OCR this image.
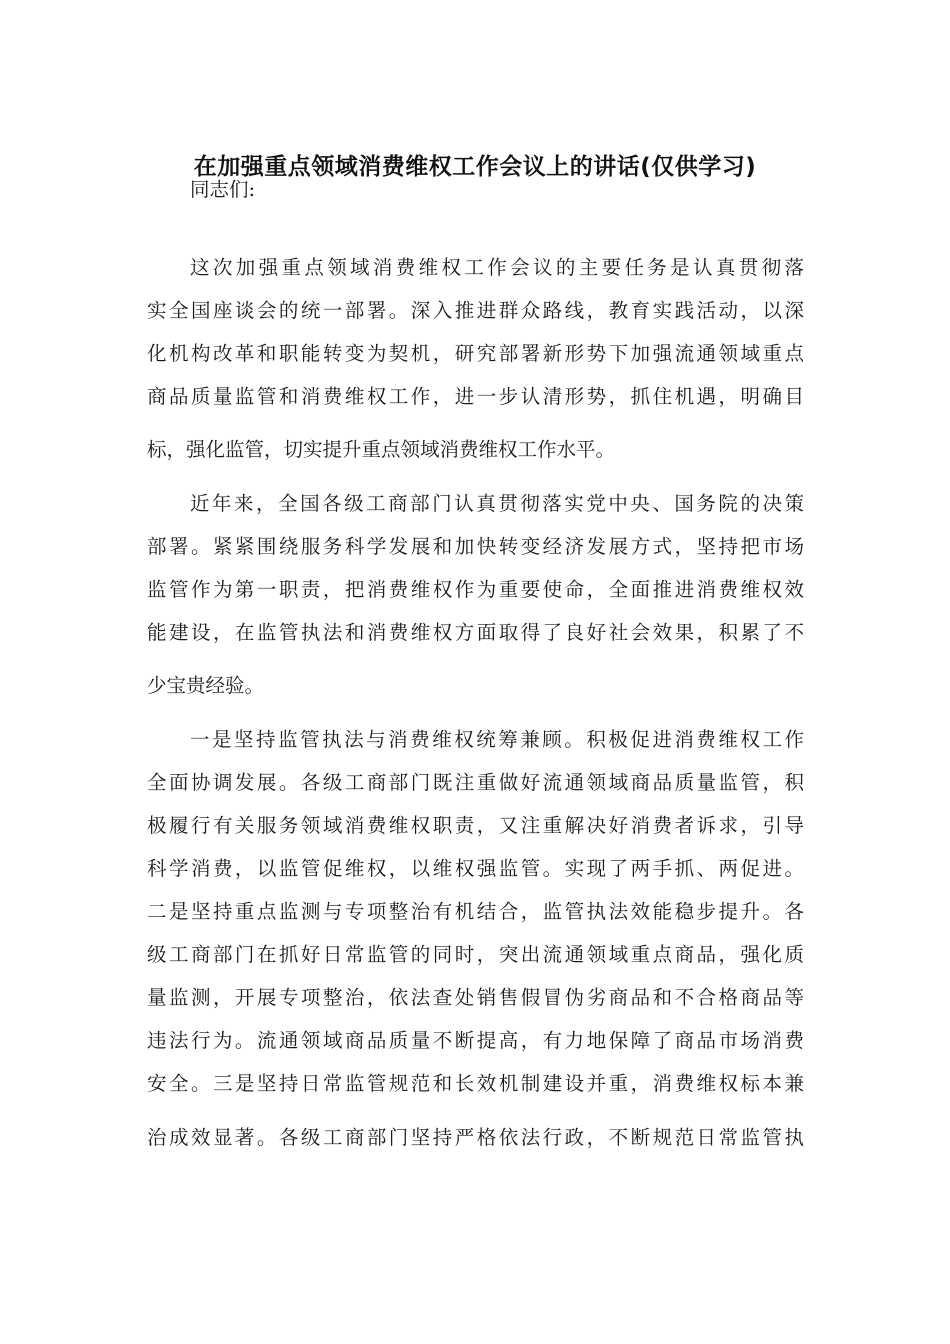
在加强重点领域消费维权工作会议上的讲话(仅供学习)

同志们:

这次加强重点领域消费维权工作会议的主要任务是认真贯彻落

实全国座谈会的统一部署。深入推进群众路线，教育实践活动，以深

化机构改革和职能转变为契机，研究部署新形势下加强流通领域重点

商品质量监管和消费维权工作，进一步认清形势，抓住机遇，明确目

标，强化监管，切实提升重点领域消费维权工作水平。

近年来，全国各级工商部门认真贯彻落实党中央、国务院的决策

部署。紧紧围绕服务科学发展和加快转变经济发展方式，坚持把市场

监管作为第一职责，把消费维权作为重要使命，全面推进消费维权效

能建设，在监管执法和消费维权方面取得了良好社会效果，积累了不

少宝贵经验。

一是坚持监管执法与消费维权统筹兼顾。积极促进消费维权工作

全面协调发展。各级工商部门既注重做好流通领域商品质量监管，积

极履行有关服务领域消费维权职责，又注重解决好消费者诉求，引导

科学消费，以监管促维权，以维权强监管。实现了两手抓、两促进。

二是坚持重点监测与专项整治有机结合，监管执法效能稳步提升。各

级工商部门在抓好日常监管的同时，突出流通领域重点商品，强化质

量监测，开展专项整治，依法查处销售假冒伪劣商品和不合格商品等

违法行为。流通领域商品质量不断提高，有力地保障了商品市场消费

安全。三是坚持日常监管规范和长效机制建设并重，消费维权标本兼

治成效显著。各级工商部门坚持严格依法行政，不断规范日常监管执
